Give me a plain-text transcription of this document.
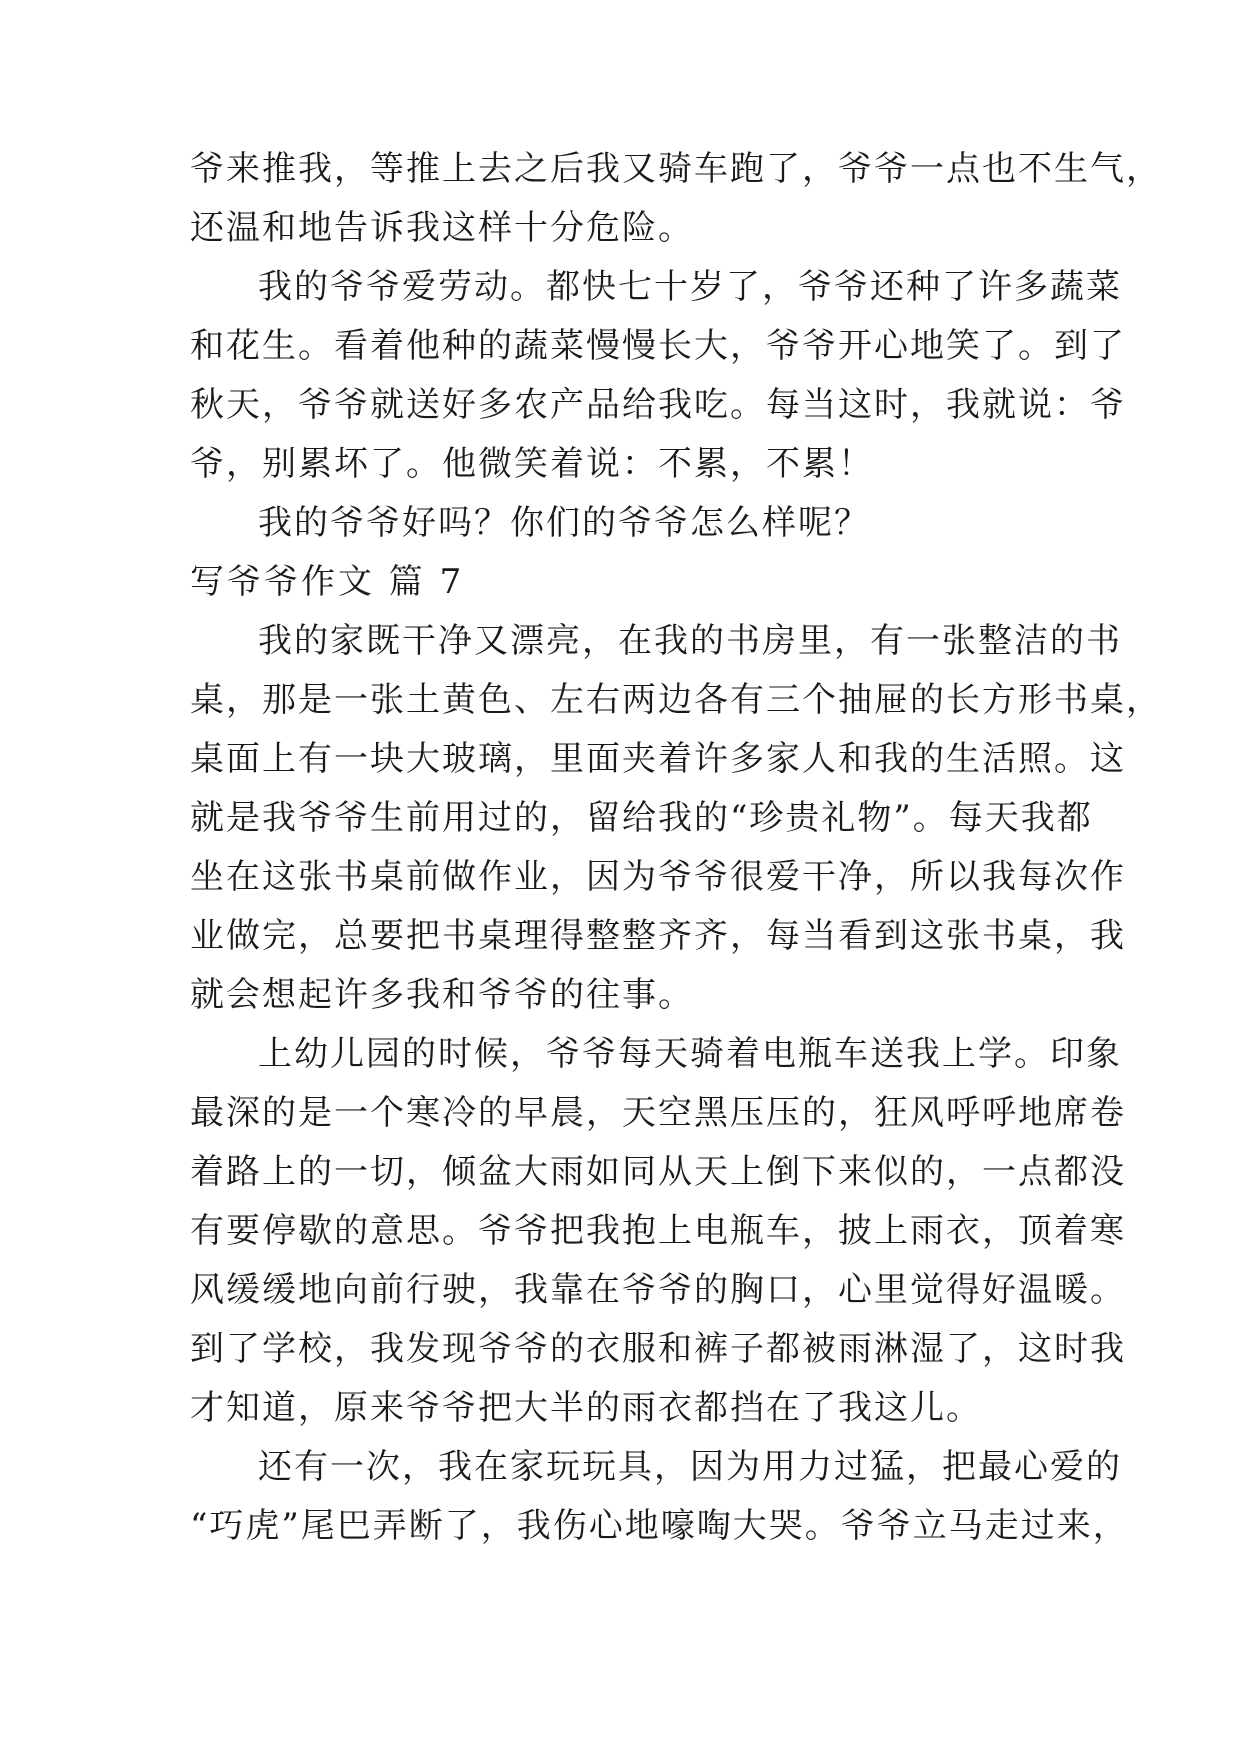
爷来推我，等推上去之后我又骑车跑了，爷爷一点也不生气，
还温和地告诉我这样十分危险。
我的爷爷爱劳动。都快七十岁了，爷爷还种了许多蔬菜
和花生。看着他种的蔬菜慢慢长大，爷爷开心地笑了。到了
秋天，爷爷就送好多农产品给我吃。每当这时，我就说：爷
爷，别累坏了。他微笑着说：不累，不累！
我的爷爷好吗？你们的爷爷怎么样呢？
写爷爷作文 篇 7
我的家既干净又漂亮，在我的书房里，有一张整洁的书
桌，那是一张土黄色、左右两边各有三个抽屉的长方形书桌，
桌面上有一块大玻璃，里面夹着许多家人和我的生活照。这
就是我爷爷生前用过的，留给我的“珍贵礼物”。每天我都
坐在这张书桌前做作业，因为爷爷很爱干净，所以我每次作
业做完，总要把书桌理得整整齐齐，每当看到这张书桌，我
就会想起许多我和爷爷的往事。
上幼儿园的时候，爷爷每天骑着电瓶车送我上学。印象
最深的是一个寒冷的早晨，天空黑压压的，狂风呼呼地席卷
着路上的一切，倾盆大雨如同从天上倒下来似的，一点都没
有要停歇的意思。爷爷把我抱上电瓶车，披上雨衣，顶着寒
风缓缓地向前行驶，我靠在爷爷的胸口，心里觉得好温暖。
到了学校，我发现爷爷的衣服和裤子都被雨淋湿了，这时我
才知道，原来爷爷把大半的雨衣都挡在了我这儿。
还有一次，我在家玩玩具，因为用力过猛，把最心爱的
“巧虎”尾巴弄断了，我伤心地嚎啕大哭。爷爷立马走过来，
